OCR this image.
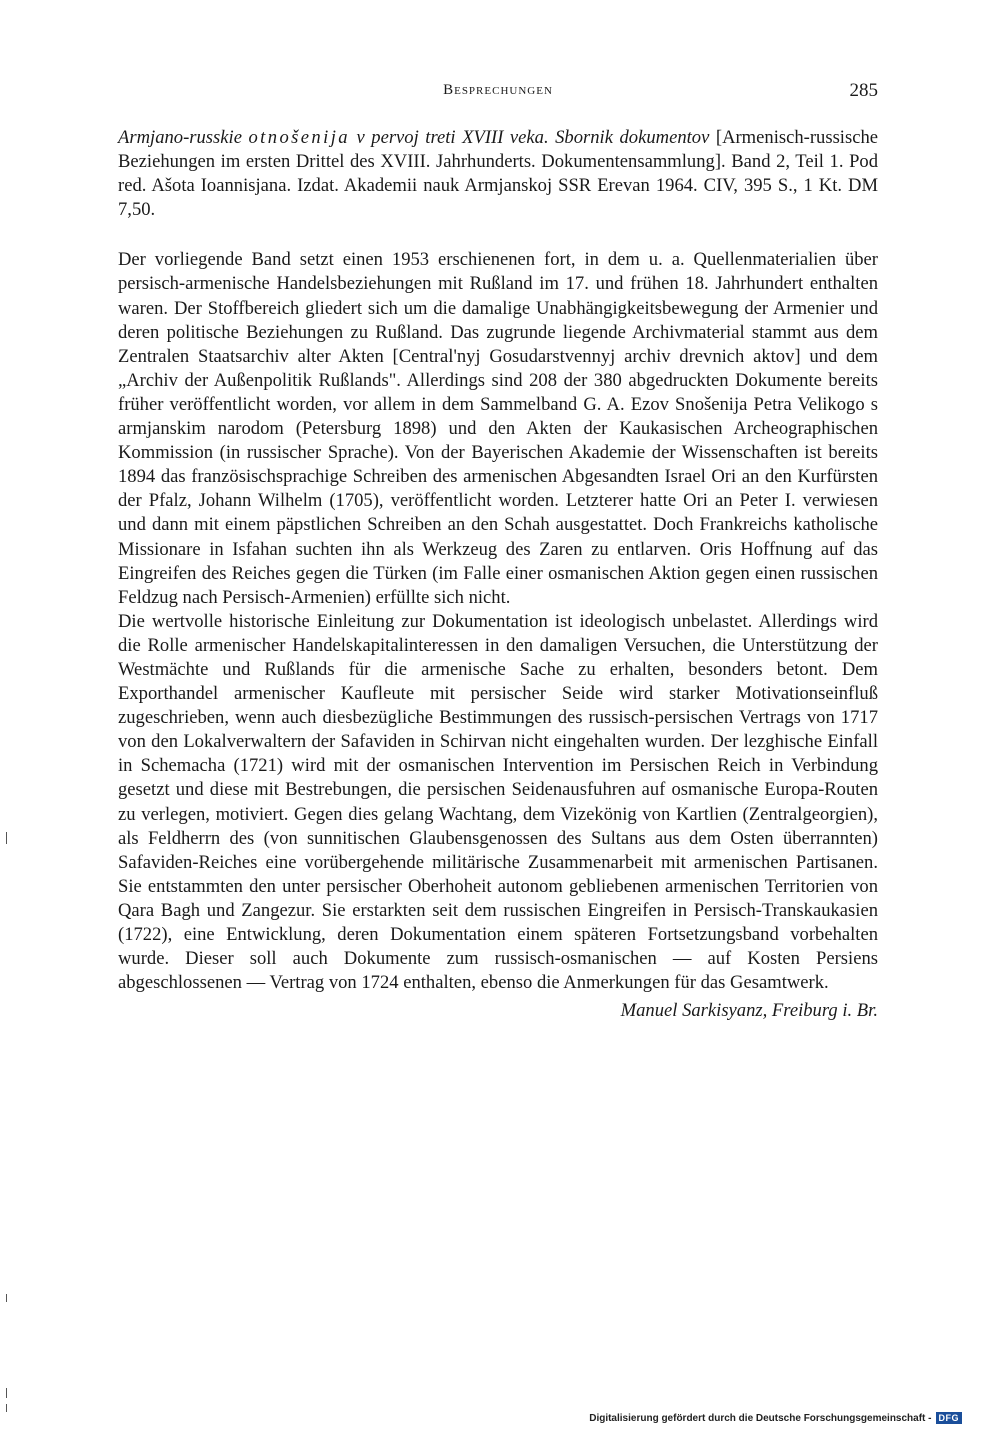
Besprechungen	285

Armjano-russkie otnošenija v pervoj treti XVIII veka. Sbornik dokumentov [Armenisch-russische Beziehungen im ersten Drittel des XVIII. Jahrhunderts. Dokumentensammlung]. Band 2, Teil 1. Pod red. Ašota Ioannisjana. Izdat. Akademii nauk Armjanskoj SSR Erevan 1964. CIV, 395 S., 1 Kt. DM 7,50.

Der vorliegende Band setzt einen 1953 erschienenen fort, in dem u. a. Quellenmaterialien über persisch-armenische Handelsbeziehungen mit Rußland im 17. und frühen 18. Jahrhundert enthalten waren. Der Stoffbereich gliedert sich um die damalige Unabhängigkeitsbewegung der Armenier und deren politische Beziehungen zu Rußland. Das zugrunde liegende Archivmaterial stammt aus dem Zentralen Staatsarchiv alter Akten [Central'nyj Gosudarstvennyj archiv drevnich aktov] und dem „Archiv der Außenpolitik Rußlands". Allerdings sind 208 der 380 abgedruckten Dokumente bereits früher veröffentlicht worden, vor allem in dem Sammelband G. A. Ezov Snošenija Petra Velikogo s armjanskim narodom (Petersburg 1898) und den Akten der Kaukasischen Archeographischen Kommission (in russischer Sprache). Von der Bayerischen Akademie der Wissenschaften ist bereits 1894 das französischsprachige Schreiben des armenischen Abgesandten Israel Ori an den Kurfürsten der Pfalz, Johann Wilhelm (1705), veröffentlicht worden. Letzterer hatte Ori an Peter I. verwiesen und dann mit einem päpstlichen Schreiben an den Schah ausgestattet. Doch Frankreichs katholische Missionare in Isfahan suchten ihn als Werkzeug des Zaren zu entlarven. Oris Hoffnung auf das Eingreifen des Reiches gegen die Türken (im Falle einer osmanischen Aktion gegen einen russischen Feldzug nach Persisch-Armenien) erfüllte sich nicht.

Die wertvolle historische Einleitung zur Dokumentation ist ideologisch unbelastet. Allerdings wird die Rolle armenischer Handelskapitalinteressen in den damaligen Versuchen, die Unterstützung der Westmächte und Rußlands für die armenische Sache zu erhalten, besonders betont. Dem Exporthandel armenischer Kaufleute mit persischer Seide wird starker Motivationseinfluß zugeschrieben, wenn auch diesbezügliche Bestimmungen des russisch-persischen Vertrags von 1717 von den Lokalverwaltern der Safaviden in Schirvan nicht eingehalten wurden. Der lezghische Einfall in Schemacha (1721) wird mit der osmanischen Intervention im Persischen Reich in Verbindung gesetzt und diese mit Bestrebungen, die persischen Seidenausfuhren auf osmanische Europa-Routen zu verlegen, motiviert. Gegen dies gelang Wachtang, dem Vizekönig von Kartlien (Zentralgeorgien), als Feldherrn des (von sunnitischen Glaubensgenossen des Sultans aus dem Osten überrannten) Safaviden-Reiches eine vorübergehende militärische Zusammenarbeit mit armenischen Partisanen. Sie entstammten den unter persischer Oberhoheit autonom gebliebenen armenischen Territorien von Qara Bagh und Zangezur. Sie erstarkten seit dem russischen Eingreifen in Persisch-Transkaukasien (1722), eine Entwicklung, deren Dokumentation einem späteren Fortsetzungsband vorbehalten wurde. Dieser soll auch Dokumente zum russisch-osmanischen — auf Kosten Persiens abgeschlossenen — Vertrag von 1724 enthalten, ebenso die Anmerkungen für das Gesamtwerk.

Manuel Sarkisyanz, Freiburg i. Br.

Digitalisierung gefördert durch die Deutsche Forschungsgemeinschaft - DFG
